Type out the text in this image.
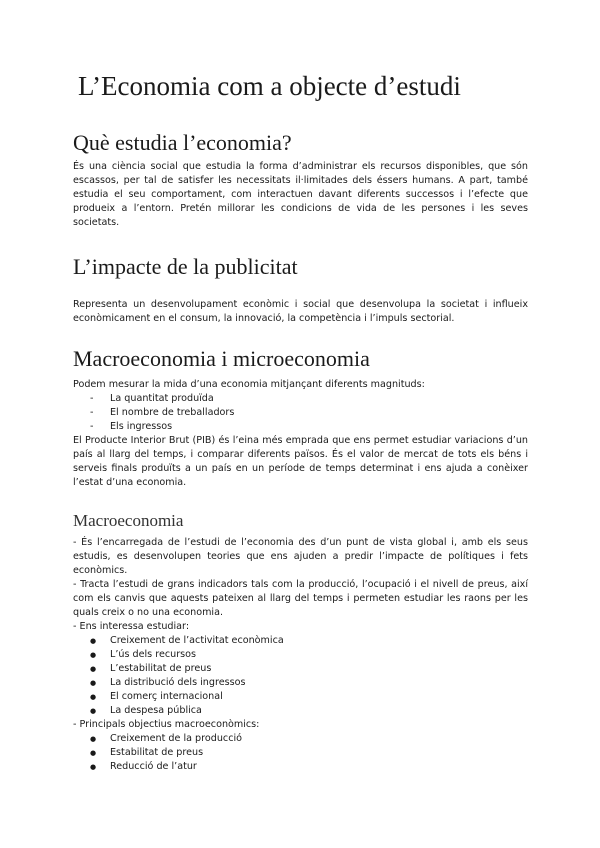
L’Economia com a objecte d’estudi
Què estudia l’economia?

És una ciència social que estudia la forma d’administrar els recursos disponibles, que són escassos, per tal de satisfer les necessitats il·limitades dels éssers humans. A part, també estudia el seu comportament, com interactuen davant diferents successos i l’efecte que produeix a l’entorn. Pretén millorar les condicions de vida de les persones i les seves societats.

L’impacte de la publicitat

Representa un desenvolupament econòmic i social que desenvolupa la societat i influeix econòmicament en el consum, la innovació, la competència i l’impuls sectorial.

Macroeconomia i microeconomia

Podem mesurar la mida d’una economia mitjançant diferents magnituds:

- La quantitat produïda
- El nombre de treballadors
- Els ingressos

El Producte Interior Brut (PIB) és l’eina més emprada que ens permet estudiar variacions d’un país al llarg del temps, i comparar diferents països. És el valor de mercat de tots els béns i serveis finals produïts a un país en un període de temps determinat i ens ajuda a conèixer l’estat d’una economia.

Macroeconomia

- És l’encarregada de l’estudi de l’economia des d’un punt de vista global i, amb els seus estudis, es desenvolupen teories que ens ajuden a predir l’impacte de polítiques i fets econòmics.

- Tracta l’estudi de grans indicadors tals com la producció, l’ocupació i el nivell de preus, així com els canvis que aquests pateixen al llarg del temps i permeten estudiar les raons per les quals creix o no una economia.

- Ens interessa estudiar:

● Creixement de l’activitat econòmica
● L’ús dels recursos
● L’estabilitat de preus
● La distribució dels ingressos
● El comerç internacional
● La despesa pública

- Principals objectius macroeconòmics:

● Creixement de la producció
● Estabilitat de preus
● Reducció de l’atur
